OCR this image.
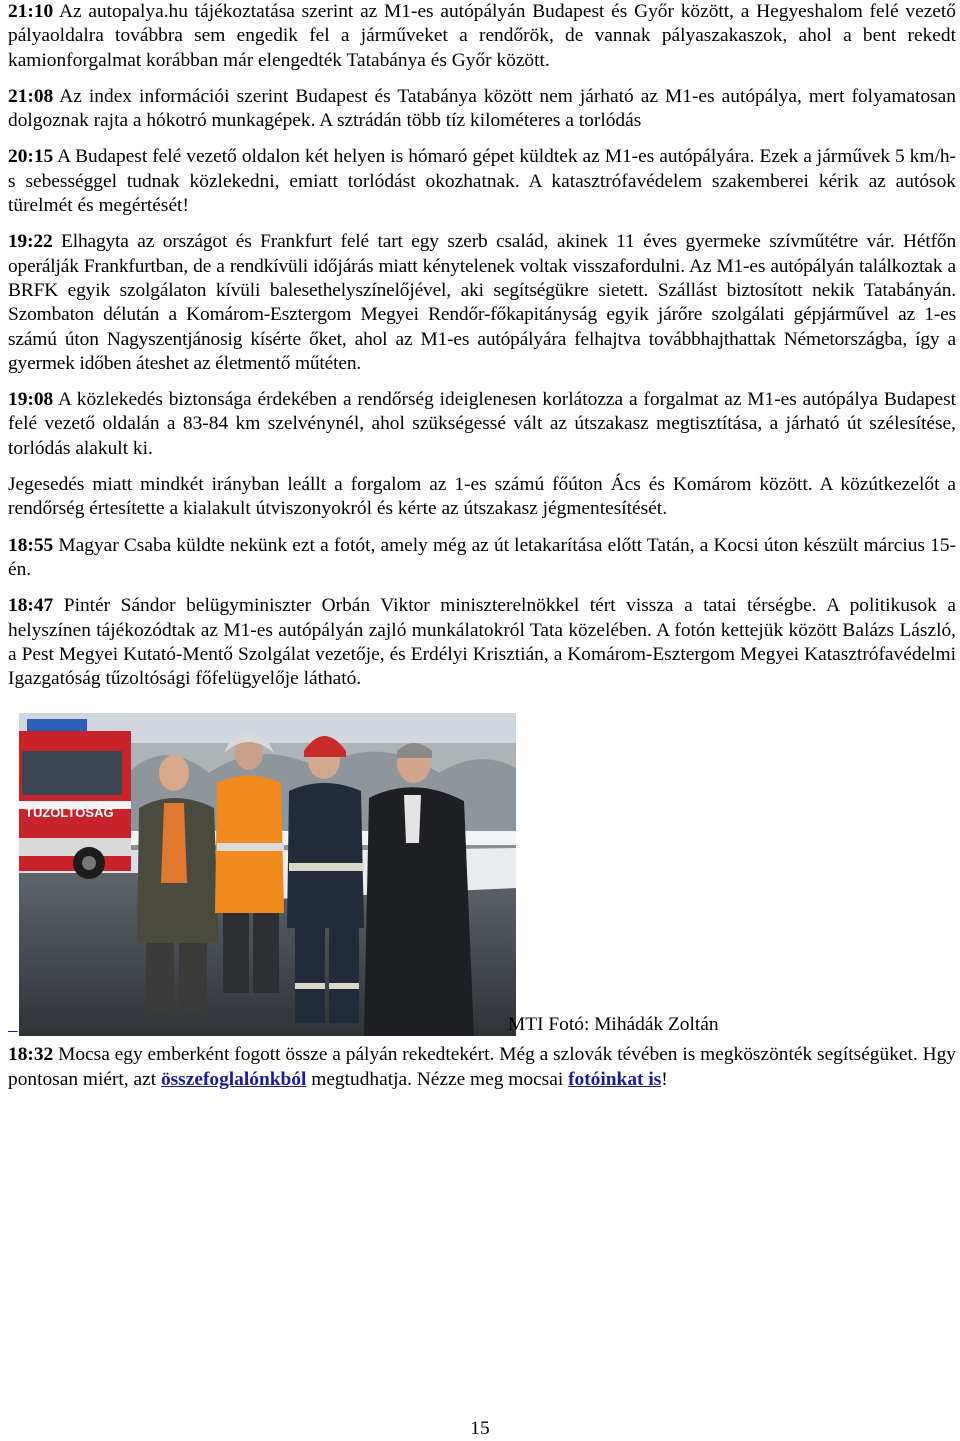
21:10 Az autopalya.hu tájékoztatása szerint az M1-es autópályán Budapest és Győr között, a Hegyeshalom felé vezető pályaoldalra továbbra sem engedik fel a járműveket a rendőrök, de vannak pályaszakaszok, ahol a bent rekedt kamionforgalmat korábban már elengedték Tatabánya és Győr között.

21:08 Az index információi szerint Budapest és Tatabánya között nem járható az M1-es autópálya, mert folyamatosan dolgoznak rajta a hókotró munkagépek. A sztrádán több tíz kilométeres a torlódás

20:15 A Budapest felé vezető oldalon két helyen is hómaró gépet küldtek az M1-es autópályára. Ezek a járművek 5 km/h-s sebességgel tudnak közlekedni, emiatt torlódást okozhatnak. A katasztrófavédelem szakemberei kérik az autósok türelmét és megértését!

19:22 Elhagyta az országot és Frankfurt felé tart egy szerb család, akinek 11 éves gyermeke szívműtétre vár. Hétfőn operálják Frankfurtban, de a rendkívüli időjárás miatt kénytelenek voltak visszafordulni. Az M1-es autópályán találkoztak a BRFK egyik szolgálaton kívüli balesethelyszínelőjével, aki segítségükre sietett. Szállást biztosított nekik Tatabányán. Szombaton délután a Komárom-Esztergom Megyei Rendőr-főkapitányság egyik járőre szolgálati gépjárművel az 1-es számú úton Nagyszentjánosig kísérte őket, ahol az M1-es autópályára felhajtva továbbhajthattak Németországba, így a gyermek időben áteshet az életmentő műtéten.

19:08 A közlekedés biztonsága érdekében a rendőrség ideiglenesen korlátozza a forgalmat az M1-es autópálya Budapest felé vezető oldalán a 83-84 km szelvénynél, ahol szükségessé vált az útszakasz megtisztítása, a járható út szélesítése, torlódás alakult ki.

Jegesedés miatt mindkét irányban leállt a forgalom az 1-es számú főúton Ács és Komárom között. A közútkezelőt a rendőrség értesítette a kialakult útviszonyokról és kérte az útszakasz jégmentesítését.

18:55 Magyar Csaba küldte nekünk ezt a fotót, amely még az út letakarítása előtt Tatán, a Kocsi úton készült március 15-én.

18:47 Pintér Sándor belügyminiszter Orbán Viktor miniszterelnökkel tért vissza a tatai térségbe. A politikusok a helyszínen tájékozódtak az M1-es autópályán zajló munkálatokról Tata közelében. A fotón kettejük között Balázs László, a Pest Megyei Kutató-Mentő Szolgálat vezetője, és Erdélyi Krisztián, a Komárom-Esztergom Megyei Katasztrófavédelmi Igazgatóság tűzoltósági főfelügyelője látható.

TŰZOLTÓSÁG

MTI Fotó: Mihádák Zoltán

18:32 Mocsa egy emberként fogott össze a pályán rekedtekért. Még a szlovák tévében is megköszönték segítségüket. Hgy pontosan miért, azt összefoglalónkból megtudhatja. Nézze meg mocsai fotóinkat is!

15
